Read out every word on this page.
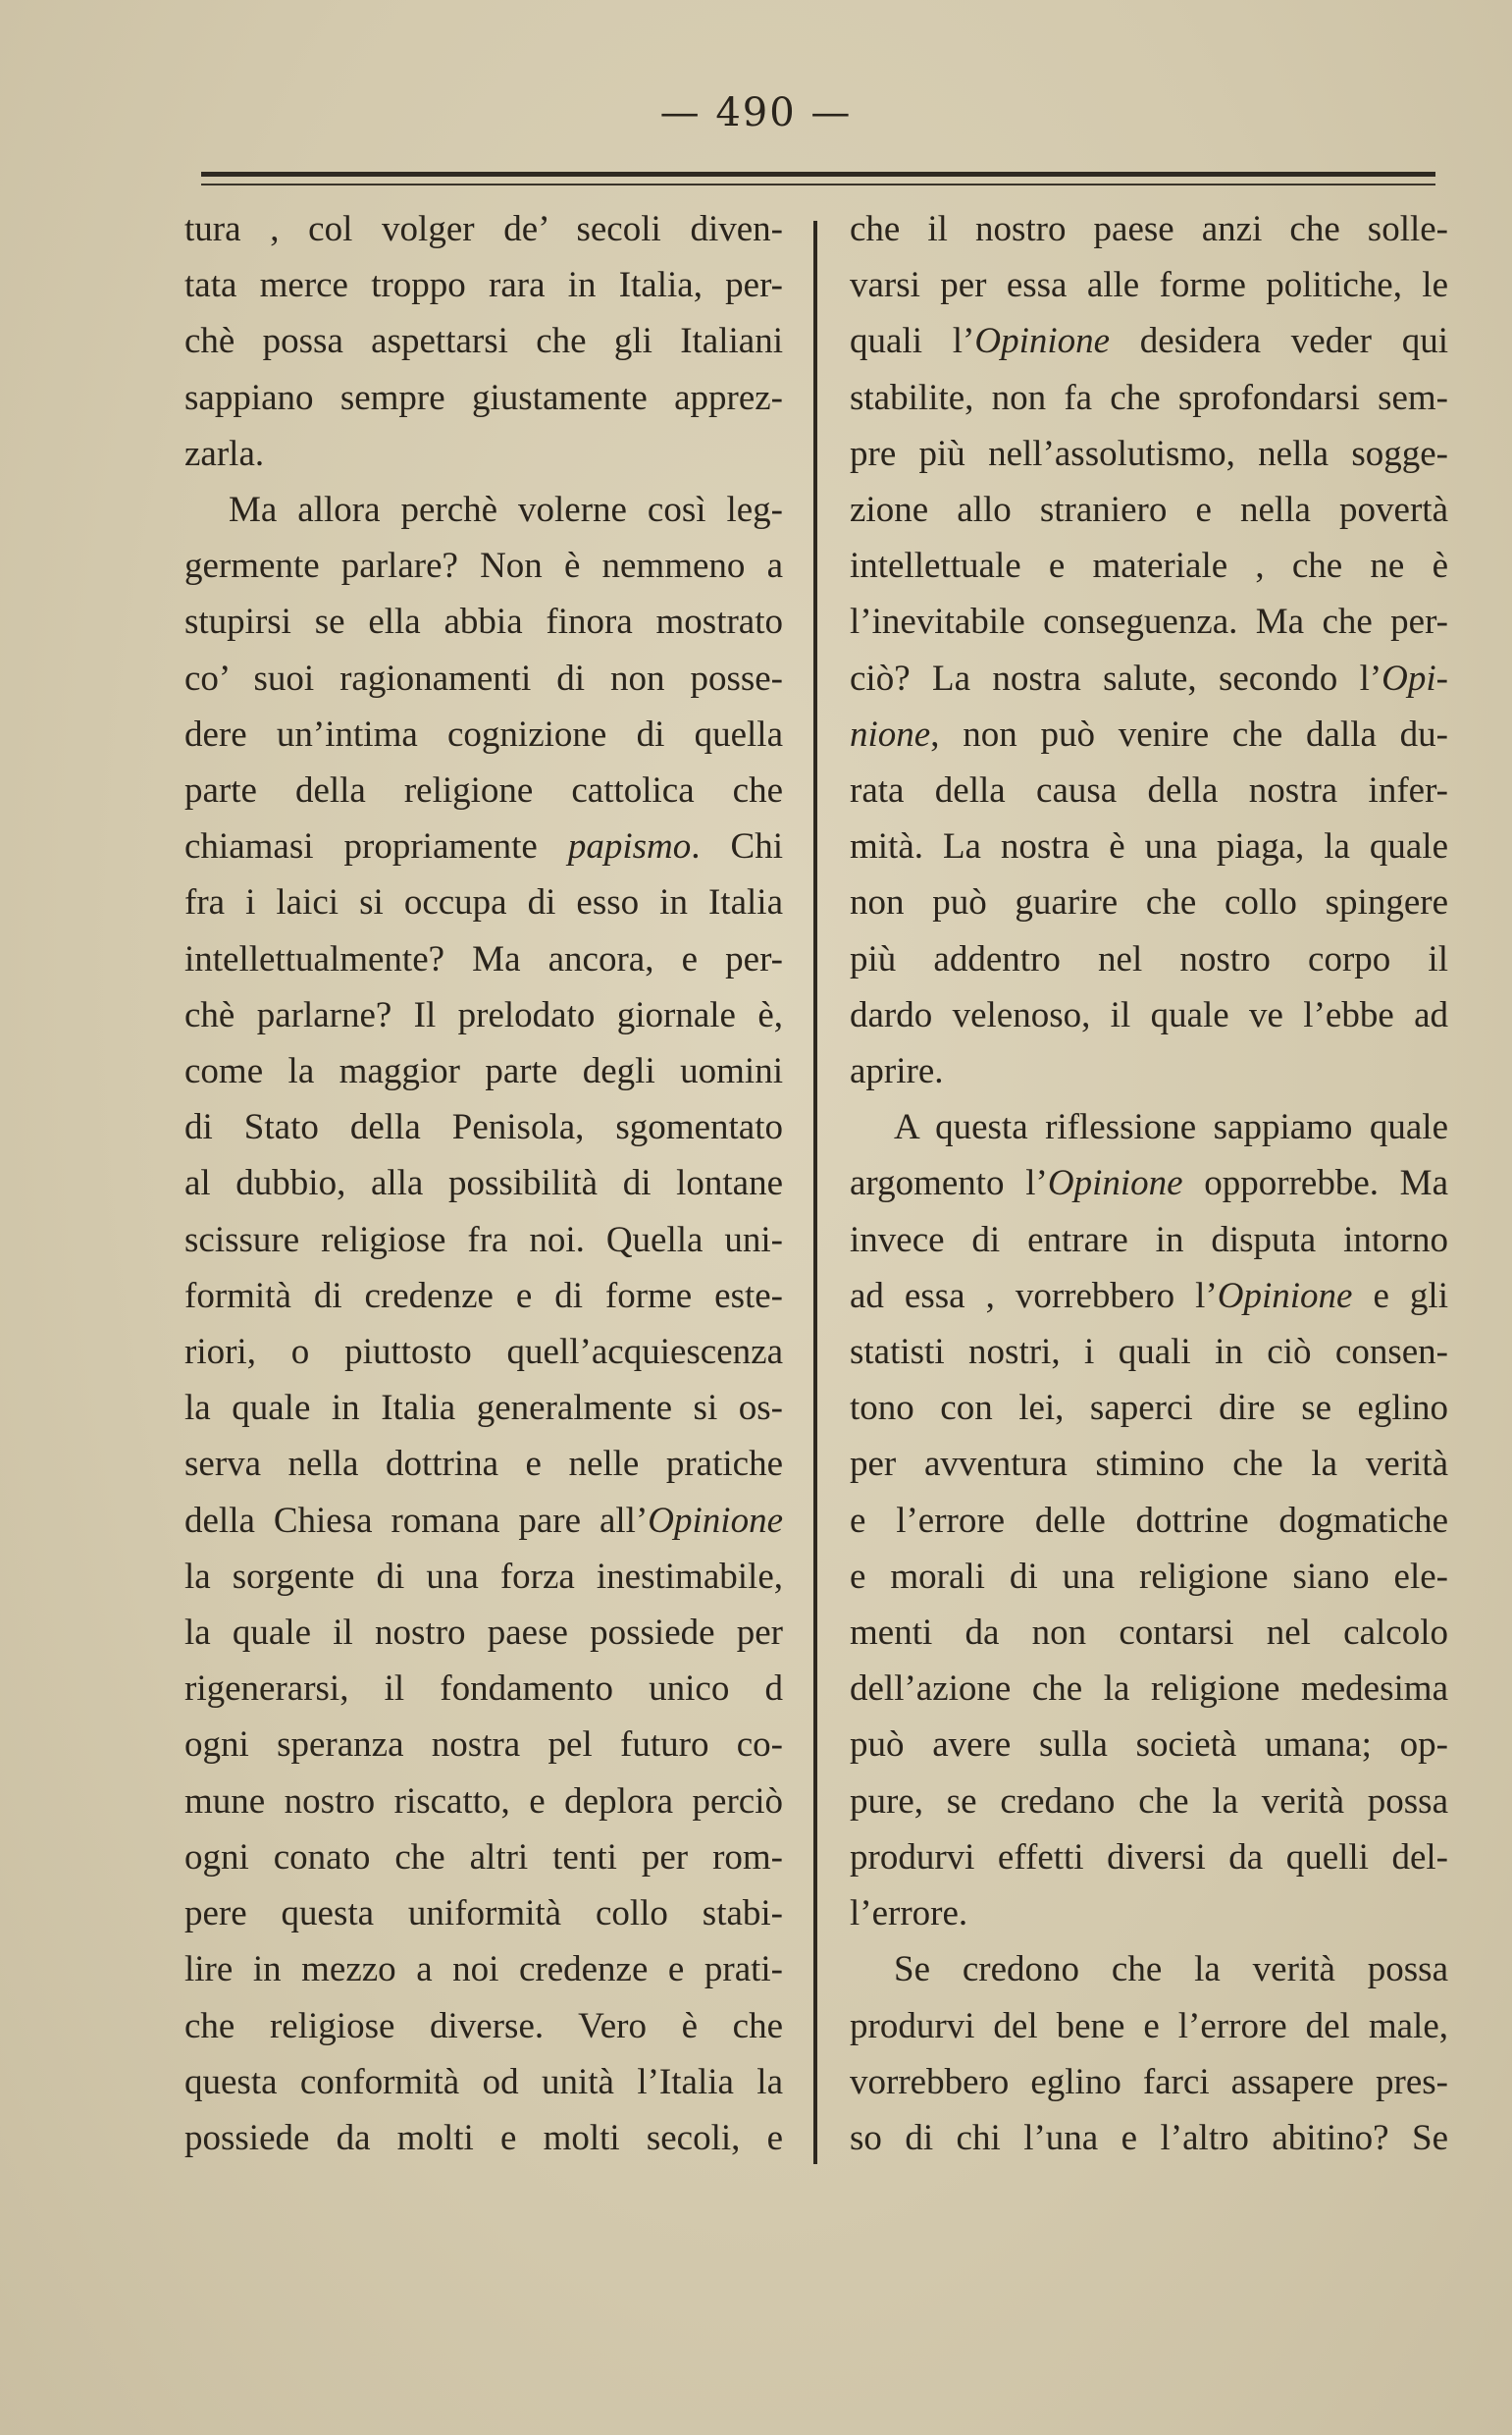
— 490 —

tura , col volger de’ secoli diven-

tata merce troppo rara in Italia, per-

chè possa aspettarsi che gli Italiani

sappiano sempre giustamente apprez-

zarla.

Ma allora perchè volerne così leg-

germente parlare? Non è nemmeno a

stupirsi se ella abbia finora mostrato

co’ suoi ragionamenti di non posse-

dere un’intima cognizione di quella

parte della religione cattolica che

chiamasi propriamente papismo. Chi

fra i laici si occupa di esso in Italia

intellettualmente? Ma ancora, e per-

chè parlarne? Il prelodato giornale è,

come la maggior parte degli uomini

di Stato della Penisola, sgomentato

al dubbio, alla possibilità di lontane

scissure religiose fra noi. Quella uni-

formità di credenze e di forme este-

riori, o piuttosto quell’acquiescenza

la quale in Italia generalmente si os-

serva nella dottrina e nelle pratiche

della Chiesa romana pare all’Opinione

la sorgente di una forza inestimabile,

la quale il nostro paese possiede per

rigenerarsi, il fondamento unico d

ogni speranza nostra pel futuro co-

mune nostro riscatto, e deplora perciò

ogni conato che altri tenti per rom-

pere questa uniformità collo stabi-

lire in mezzo a noi credenze e prati-

che religiose diverse. Vero è che

questa conformità od unità l’Italia la

possiede da molti e molti secoli, e

che il nostro paese anzi che solle-

varsi per essa alle forme politiche, le

quali l’Opinione desidera veder qui

stabilite, non fa che sprofondarsi sem-

pre più nell’assolutismo, nella sogge-

zione allo straniero e nella povertà

intellettuale e materiale , che ne è

l’inevitabile conseguenza. Ma che per-

ciò? La nostra salute, secondo l’Opi-

nione, non può venire che dalla du-

rata della causa della nostra infer-

mità. La nostra è una piaga, la quale

non può guarire che collo spingere

più addentro nel nostro corpo il

dardo velenoso, il quale ve l’ebbe ad

aprire.

A questa riflessione sappiamo quale

argomento l’Opinione opporrebbe. Ma

invece di entrare in disputa intorno

ad essa , vorrebbero l’Opinione e gli

statisti nostri, i quali in ciò consen-

tono con lei, saperci dire se eglino

per avventura stimino che la verità

e l’errore delle dottrine dogmatiche

e morali di una religione siano ele-

menti da non contarsi nel calcolo

dell’azione che la religione medesima

può avere sulla società umana; op-

pure, se credano che la verità possa

produrvi effetti diversi da quelli del-

l’errore.

Se credono che la verità possa

produrvi del bene e l’errore del male,

vorrebbero eglino farci assapere pres-

so di chi l’una e l’altro abitino? Se
